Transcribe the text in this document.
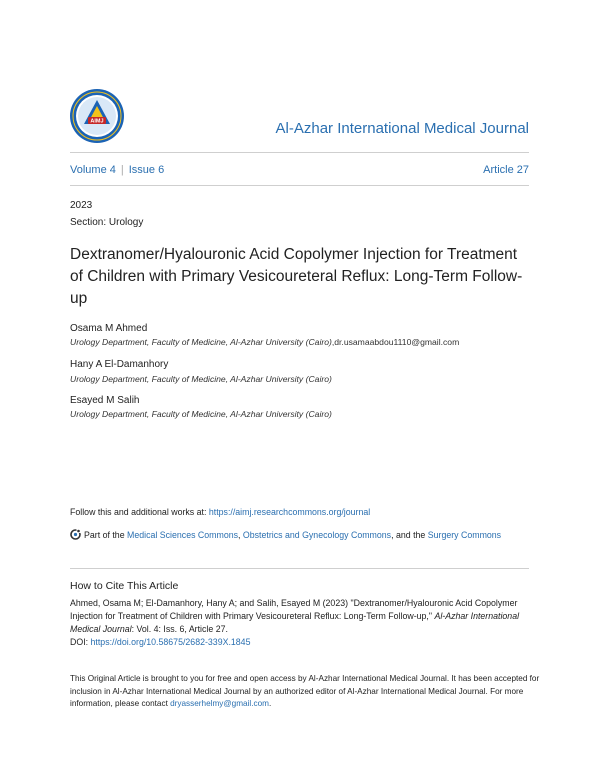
AIMJ	Al-Azhar International Medical Journal
Volume 4 | Issue 6	Article 27
2023
Section: Urology
Dextranomer/Hyalouronic Acid Copolymer Injection for Treatment of Children with Primary Vesicoureteral Reflux: Long-Term Follow-up
Osama M Ahmed
Urology Department, Faculty of Medicine, Al-Azhar University (Cairo),dr.usamaabdou1110@gmail.com
Hany A El-Damanhory
Urology Department, Faculty of Medicine, Al-Azhar University (Cairo)
Esayed M Salih
Urology Department, Faculty of Medicine, Al-Azhar University (Cairo)
Follow this and additional works at: https://aimj.researchcommons.org/journal
Part of the Medical Sciences Commons, Obstetrics and Gynecology Commons, and the Surgery Commons
How to Cite This Article
Ahmed, Osama M; El-Damanhory, Hany A; and Salih, Esayed M (2023) "Dextranomer/Hyalouronic Acid Copolymer Injection for Treatment of Children with Primary Vesicoureteral Reflux: Long-Term Follow-up," Al-Azhar International Medical Journal: Vol. 4: Iss. 6, Article 27.
DOI: https://doi.org/10.58675/2682-339X.1845
This Original Article is brought to you for free and open access by Al-Azhar International Medical Journal. It has been accepted for inclusion in Al-Azhar International Medical Journal by an authorized editor of Al-Azhar International Medical Journal. For more information, please contact dryasserhelmy@gmail.com.
